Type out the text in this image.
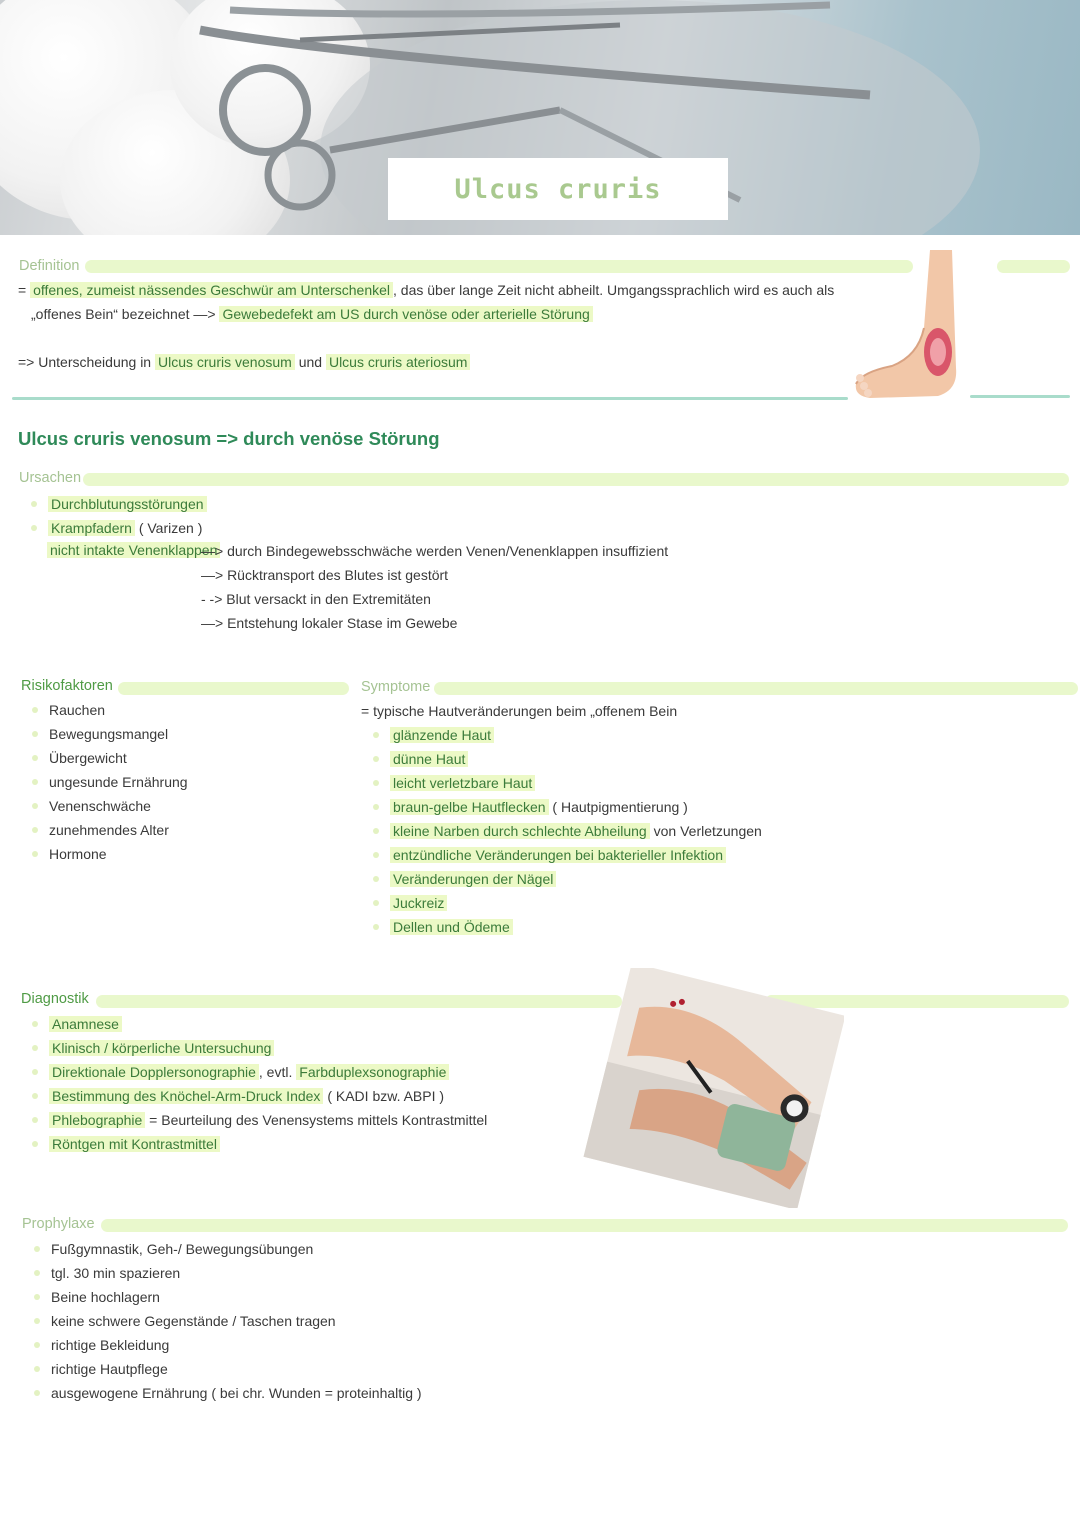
Ulcus cruris
Definition
= offenes, zumeist nässendes Geschwür am Unterschenkel , das über lange Zeit nicht abheilt. Umgangssprachlich wird es auch als
„offenes Bein“ bezeichnet —> Gewebedefekt am US durch venöse oder arterielle Störung
=> Unterscheidung in Ulcus cruris venosum und Ulcus cruris ateriosum
Ulcus cruris venosum => durch venöse Störung
Ursachen
Durchblutungsstörungen
Krampfadern ( Varizen )
nicht intakte Venenklappen
—> durch Bindegewebsschwäche werden Venen/Venenklappen insuffizient
—> Rücktransport des Blutes ist gestört
- -> Blut versackt in den Extremitäten
—> Entstehung lokaler Stase im Gewebe
Risikofaktoren
Rauchen
Bewegungsmangel
Übergewicht
ungesunde Ernährung
Venenschwäche
zunehmendes Alter
Hormone
Symptome
= typische Hautveränderungen beim „offenem Bein
glänzende Haut
dünne Haut
leicht verletzbare Haut
braun-gelbe Hautflecken ( Hautpigmentierung )
kleine Narben durch schlechte Abheilung von Verletzungen
entzündliche Veränderungen bei bakterieller Infektion
Veränderungen der Nägel
Juckreiz
Dellen und Ödeme
Diagnostik
Anamnese
Klinisch / körperliche Untersuchung
Direktionale Dopplersonographie , evtl. Farbduplexsonographie
Bestimmung des Knöchel-Arm-Druck Index ( KADI bzw. ABPI )
Phlebographie = Beurteilung des Venensystems mittels Kontrastmittel
Röntgen mit Kontrastmittel
Prophylaxe
Fußgymnastik, Geh-/ Bewegungsübungen
tgl. 30 min spazieren
Beine hochlagern
keine schwere Gegenstände / Taschen tragen
richtige Bekleidung
richtige Hautpflege
ausgewogene Ernährung ( bei chr. Wunden = proteinhaltig )
